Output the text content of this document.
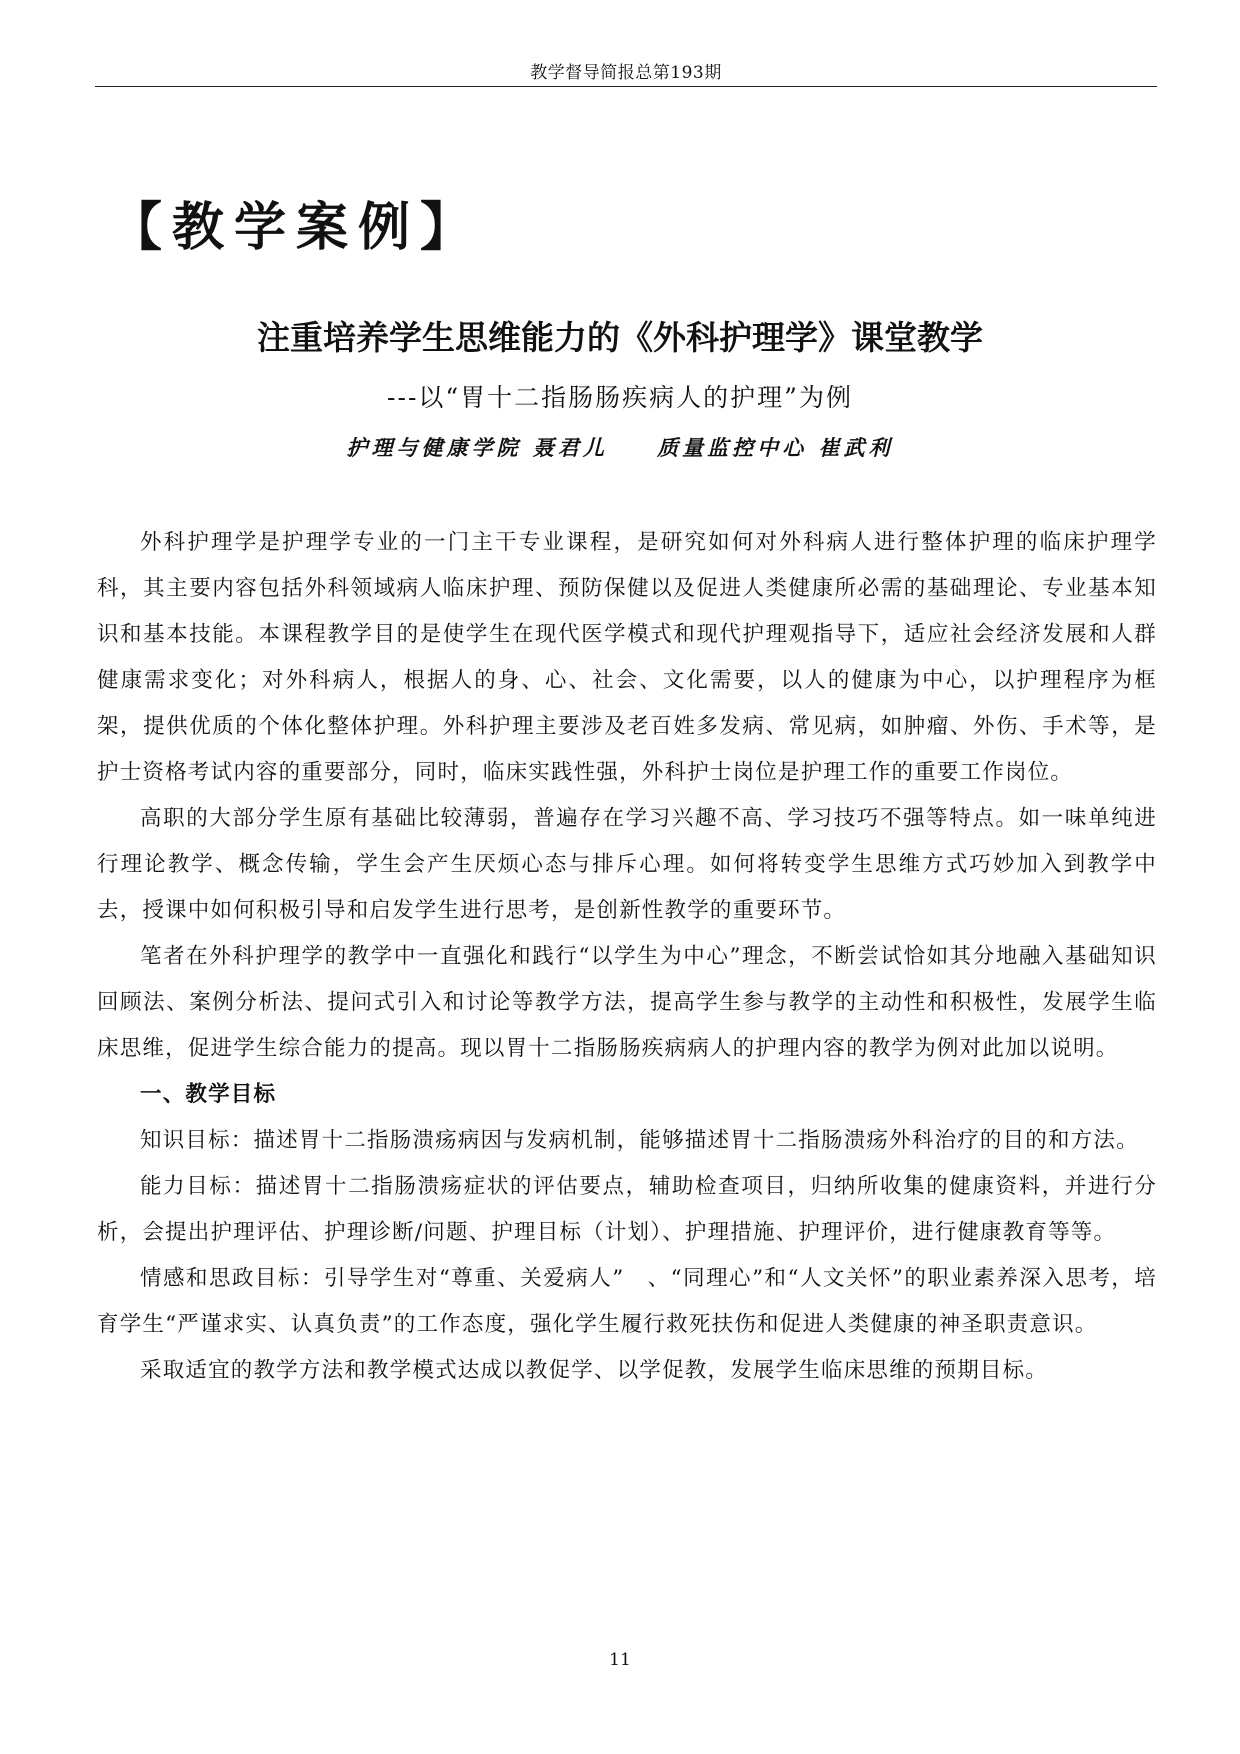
教学督导简报总第193期
【教学案例】
注重培养学生思维能力的《外科护理学》课堂教学
---以“胃十二指肠肠疾病人的护理”为例
护理与健康学院 聂君儿 质量监控中心 崔武利

外科护理学是护理学专业的一门主干专业课程，是研究如何对外科病人进行整体护理的临床护理学科，其主要内容包括外科领域病人临床护理、预防保健以及促进人类健康所必需的基础理论、专业基本知识和基本技能。本课程教学目的是使学生在现代医学模式和现代护理观指导下，适应社会经济发展和人群健康需求变化；对外科病人，根据人的身、心、社会、文化需要，以人的健康为中心，以护理程序为框架，提供优质的个体化整体护理。外科护理主要涉及老百姓多发病、常见病，如肿瘤、外伤、手术等，是护士资格考试内容的重要部分，同时，临床实践性强，外科护士岗位是护理工作的重要工作岗位。

高职的大部分学生原有基础比较薄弱，普遍存在学习兴趣不高、学习技巧不强等特点。如一味单纯进行理论教学、概念传输，学生会产生厌烦心态与排斥心理。如何将转变学生思维方式巧妙加入到教学中去，授课中如何积极引导和启发学生进行思考，是创新性教学的重要环节。

笔者在外科护理学的教学中一直强化和践行“以学生为中心”理念，不断尝试恰如其分地融入基础知识回顾法、案例分析法、提问式引入和讨论等教学方法，提高学生参与教学的主动性和积极性，发展学生临床思维，促进学生综合能力的提高。现以胃十二指肠肠疾病病人的护理内容的教学为例对此加以说明。

一、教学目标

知识目标：描述胃十二指肠溃疡病因与发病机制，能够描述胃十二指肠溃疡外科治疗的目的和方法。

能力目标：描述胃十二指肠溃疡症状的评估要点，辅助检查项目，归纳所收集的健康资料，并进行分析，会提出护理评估、护理诊断/问题、护理目标（计划）、护理措施、护理评价，进行健康教育等等。

情感和思政目标：引导学生对“尊重、关爱病人”　、“同理心”和“人文关怀”的职业素养深入思考，培育学生“严谨求实、认真负责”的工作态度，强化学生履行救死扶伤和促进人类健康的神圣职责意识。

采取适宜的教学方法和教学模式达成以教促学、以学促教，发展学生临床思维的预期目标。

11
